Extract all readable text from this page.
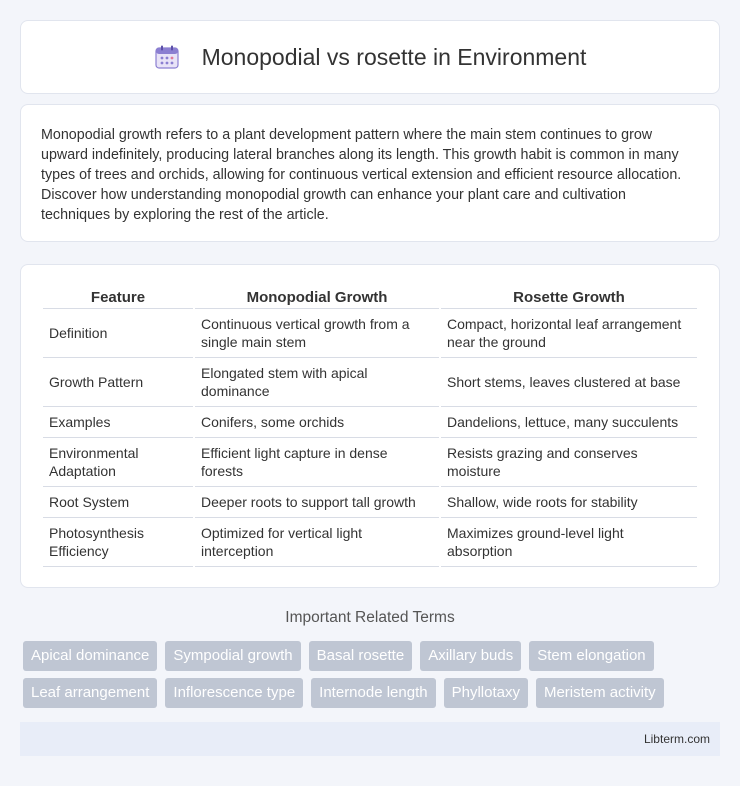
Monopodial vs rosette in Environment

Monopodial growth refers to a plant development pattern where the main stem continues to grow upward indefinitely, producing lateral branches along its length. This growth habit is common in many types of trees and orchids, allowing for continuous vertical extension and efficient resource allocation. Discover how understanding monopodial growth can enhance your plant care and cultivation techniques by exploring the rest of the article.

Feature	Monopodial Growth	Rosette Growth
Definition	Continuous vertical growth from a single main stem	Compact, horizontal leaf arrangement near the ground
Growth Pattern	Elongated stem with apical dominance	Short stems, leaves clustered at base
Examples	Conifers, some orchids	Dandelions, lettuce, many succulents
Environmental Adaptation	Efficient light capture in dense forests	Resists grazing and conserves moisture
Root System	Deeper roots to support tall growth	Shallow, wide roots for stability
Photosynthesis Efficiency	Optimized for vertical light interception	Maximizes ground-level light absorption
Important Related Terms
Apical dominance	Sympodial growth	Basal rosette	Axillary buds	Stem elongation
Leaf arrangement	Inflorescence type	Internode length	Phyllotaxy	Meristem activity
Libterm.com
